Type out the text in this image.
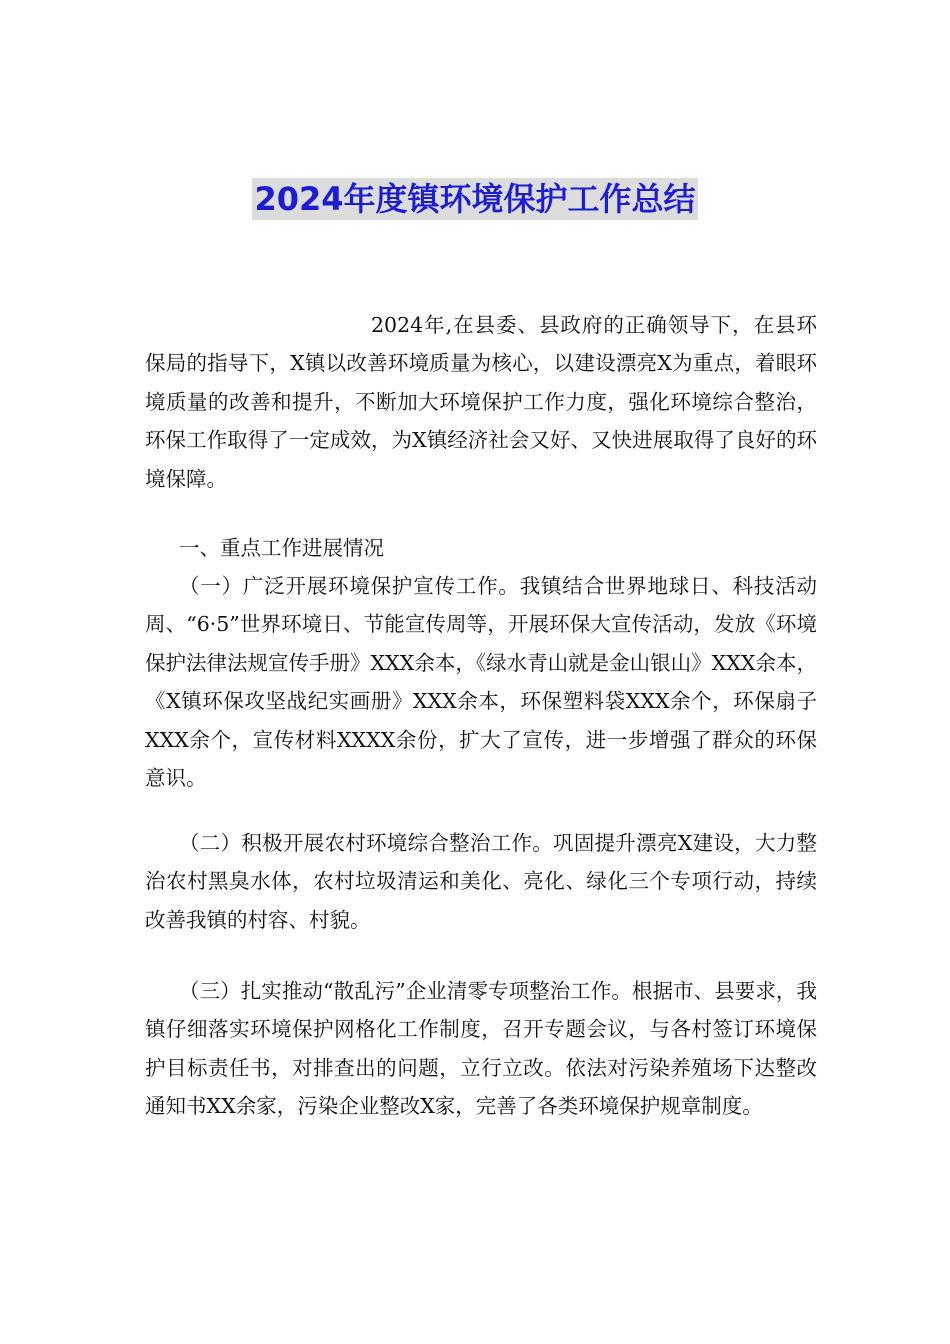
2024年度镇环境保护工作总结

2024年,在县委、县政府的正确领导下，在县环保局的指导下，X镇以改善环境质量为核心，以建设漂亮X为重点，着眼环境质量的改善和提升，不断加大环境保护工作力度，强化环境综合整治，环保工作取得了一定成效，为X镇经济社会又好、又快进展取得了良好的环境保障。

一、重点工作进展情况

（一）广泛开展环境保护宣传工作。我镇结合世界地球日、科技活动周、“6·5”世界环境日、节能宣传周等，开展环保大宣传活动，发放《环境保护法律法规宣传手册》XXX余本，《绿水青山就是金山银山》XXX余本，《X镇环保攻坚战纪实画册》XXX余本，环保塑料袋XXX余个，环保扇子XXX余个，宣传材料XXXX余份，扩大了宣传，进一步增强了群众的环保意识。

（二）积极开展农村环境综合整治工作。巩固提升漂亮X建设，大力整治农村黑臭水体，农村垃圾清运和美化、亮化、绿化三个专项行动，持续改善我镇的村容、村貌。

（三）扎实推动“散乱污”企业清零专项整治工作。根据市、县要求，我镇仔细落实环境保护网格化工作制度，召开专题会议，与各村签订环境保护目标责任书，对排查出的问题，立行立改。依法对污染养殖场下达整改通知书XX余家，污染企业整改X家，完善了各类环境保护规章制度。
